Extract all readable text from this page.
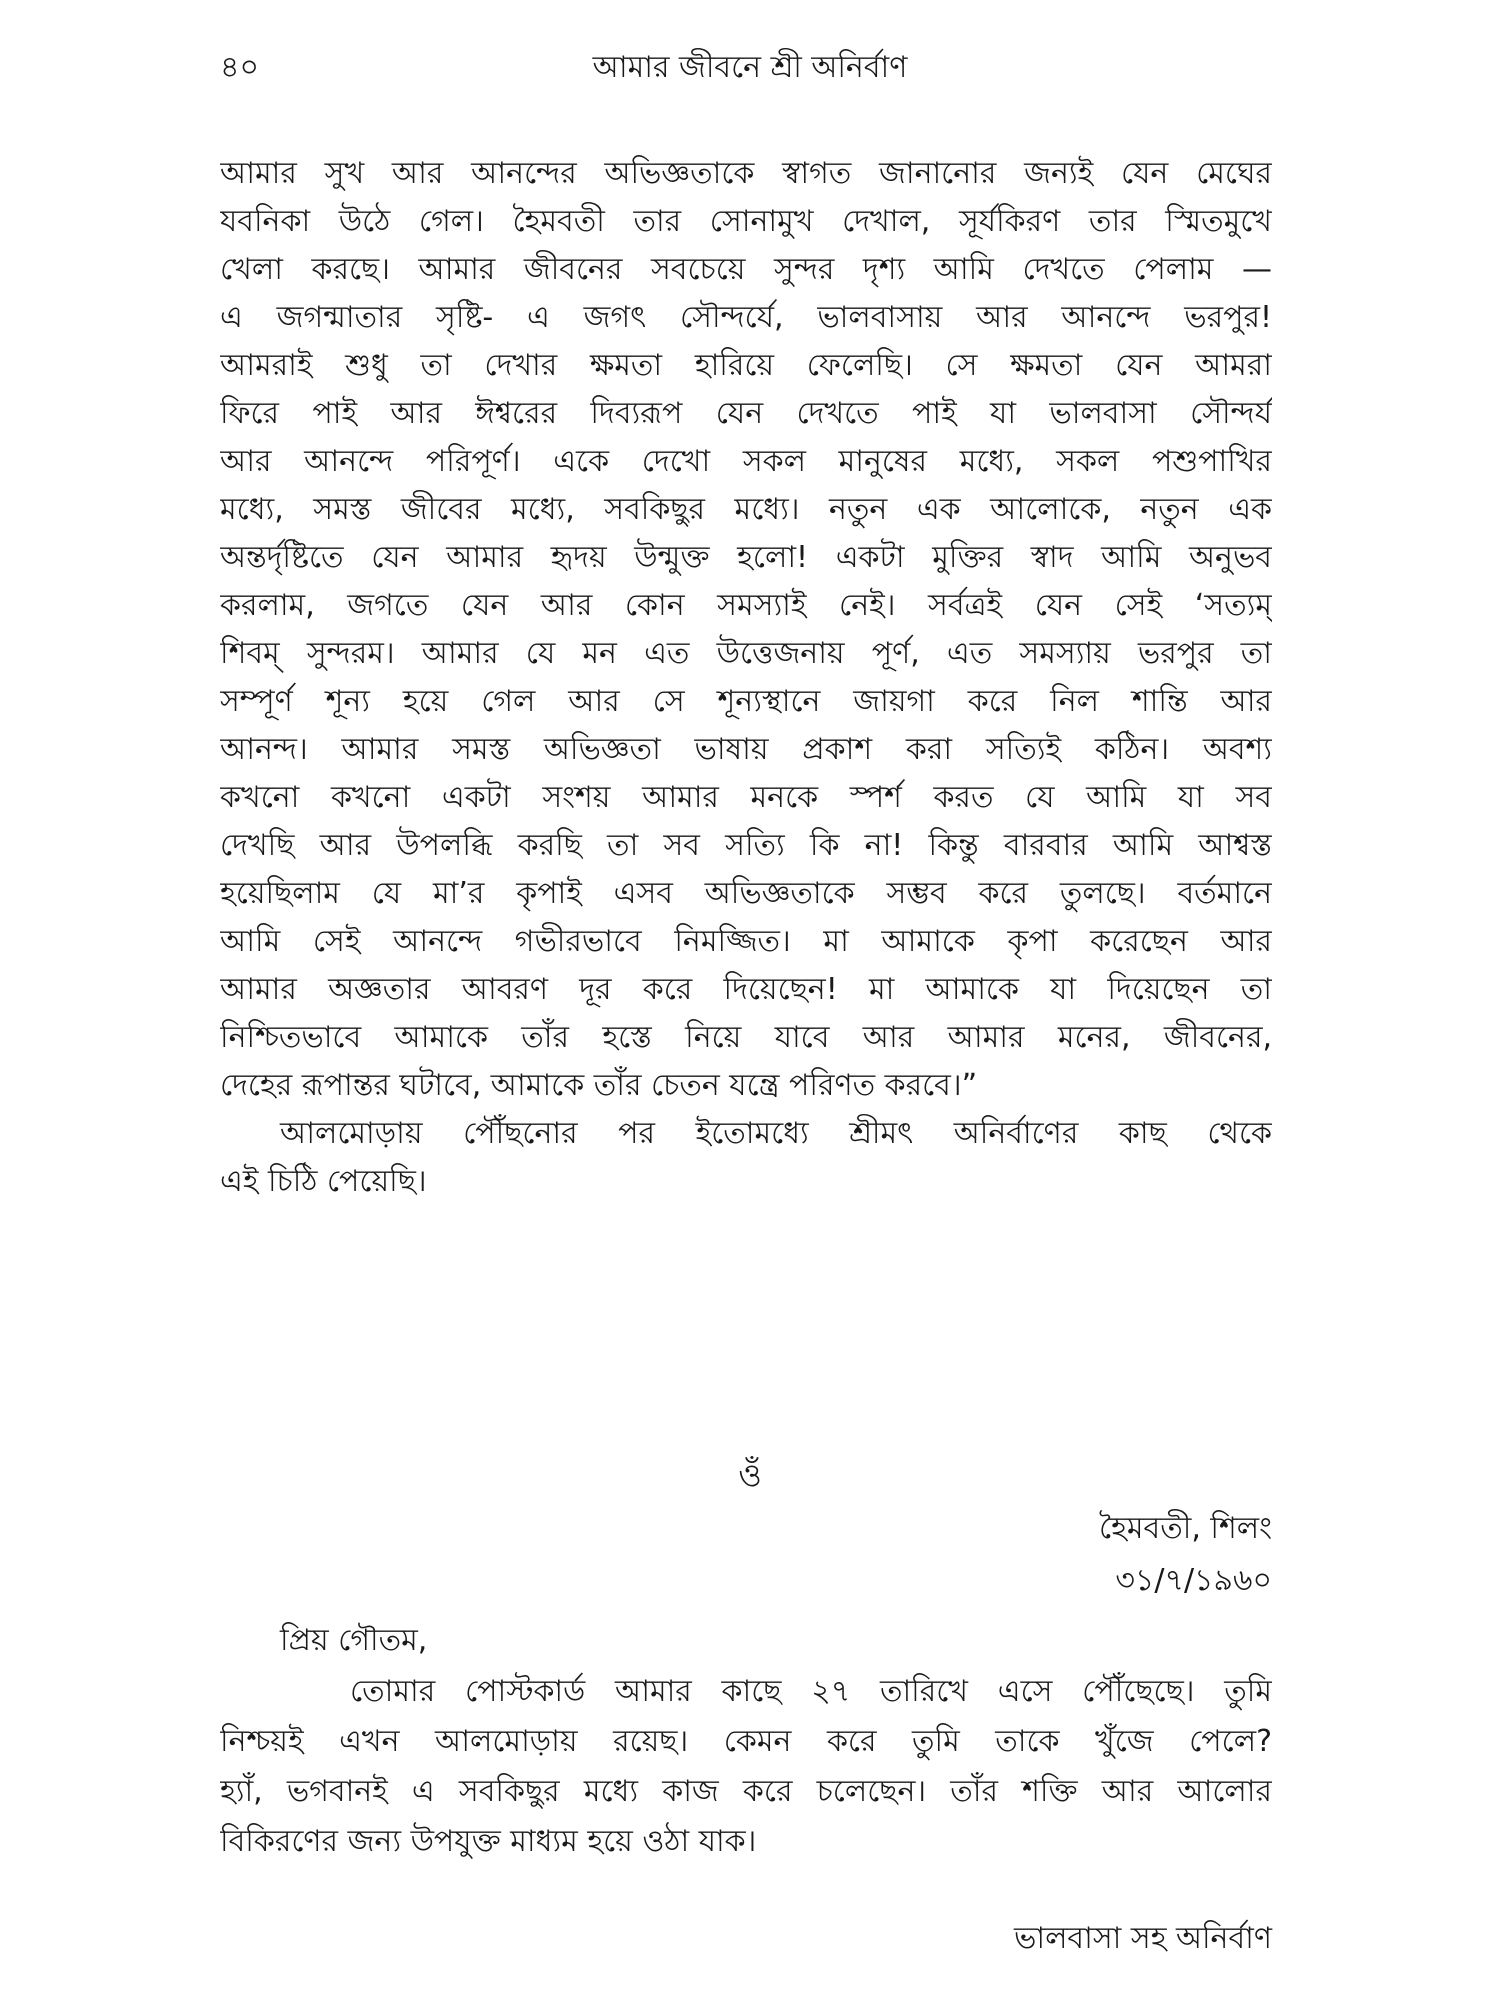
৪০	আমার জীবনে শ্রী অনির্বাণ
আমার সুখ আর আনন্দের অভিজ্ঞতাকে স্বাগত জানানোর জন্যই যেন মেঘের
যবনিকা উঠে গেল। হৈমবতী তার সোনামুখ দেখাল, সূর্যকিরণ তার স্মিতমুখে
খেলা করছে। আমার জীবনের সবচেয়ে সুন্দর দৃশ্য আমি দেখতে পেলাম —
এ জগন্মাতার সৃষ্টি- এ জগৎ সৌন্দর্যে, ভালবাসায় আর আনন্দে ভরপুর!
আমরাই শুধু তা দেখার ক্ষমতা হারিয়ে ফেলেছি। সে ক্ষমতা যেন আমরা
ফিরে পাই আর ঈশ্বরের দিব্যরূপ যেন দেখতে পাই যা ভালবাসা সৌন্দর্য
আর আনন্দে পরিপূর্ণ। একে দেখো সকল মানুষের মধ্যে, সকল পশুপাখির
মধ্যে, সমস্ত জীবের মধ্যে, সবকিছুর মধ্যে। নতুন এক আলোকে, নতুন এক
অন্তর্দৃষ্টিতে যেন আমার হৃদয় উন্মুক্ত হলো! একটা মুক্তির স্বাদ আমি অনুভব
করলাম, জগতে যেন আর কোন সমস্যাই নেই। সর্বত্রই যেন সেই ‘সত্যম্
শিবম্ সুন্দরম। আমার যে মন এত উত্তেজনায় পূর্ণ, এত সমস্যায় ভরপুর তা
সম্পূর্ণ শূন্য হয়ে গেল আর সে শূন্যস্থানে জায়গা করে নিল শান্তি আর
আনন্দ। আমার সমস্ত অভিজ্ঞতা ভাষায় প্রকাশ করা সত্যিই কঠিন। অবশ্য
কখনো কখনো একটা সংশয় আমার মনকে স্পর্শ করত যে আমি যা সব
দেখছি আর উপলব্ধি করছি তা সব সত্যি কি না! কিন্তু বারবার আমি আশ্বস্ত
হয়েছিলাম যে মা’র কৃপাই এসব অভিজ্ঞতাকে সম্ভব করে তুলছে। বর্তমানে
আমি সেই আনন্দে গভীরভাবে নিমজ্জিত। মা আমাকে কৃপা করেছেন আর
আমার অজ্ঞতার আবরণ দূর করে দিয়েছেন! মা আমাকে যা দিয়েছেন তা
নিশ্চিতভাবে আমাকে তাঁর হস্তে নিয়ে যাবে আর আমার মনের, জীবনের,
দেহের রূপান্তর ঘটাবে, আমাকে তাঁর চেতন যন্ত্রে পরিণত করবে।”
আলমোড়ায় পৌঁছনোর পর ইতোমধ্যে শ্রীমৎ অনির্বাণের কাছ থেকে
এই চিঠি পেয়েছি।
ওঁ
হৈমবতী, শিলং
৩১/৭/১৯৬০
প্রিয় গৌতম,
তোমার পোস্টকার্ড আমার কাছে ২৭ তারিখে এসে পৌঁছেছে। তুমি
নিশ্চয়ই এখন আলমোড়ায় রয়েছ। কেমন করে তুমি তাকে খুঁজে পেলে?
হ্যাঁ, ভগবানই এ সবকিছুর মধ্যে কাজ করে চলেছেন। তাঁর শক্তি আর আলোর
বিকিরণের জন্য উপযুক্ত মাধ্যম হয়ে ওঠা যাক।
ভালবাসা সহ অনির্বাণ
